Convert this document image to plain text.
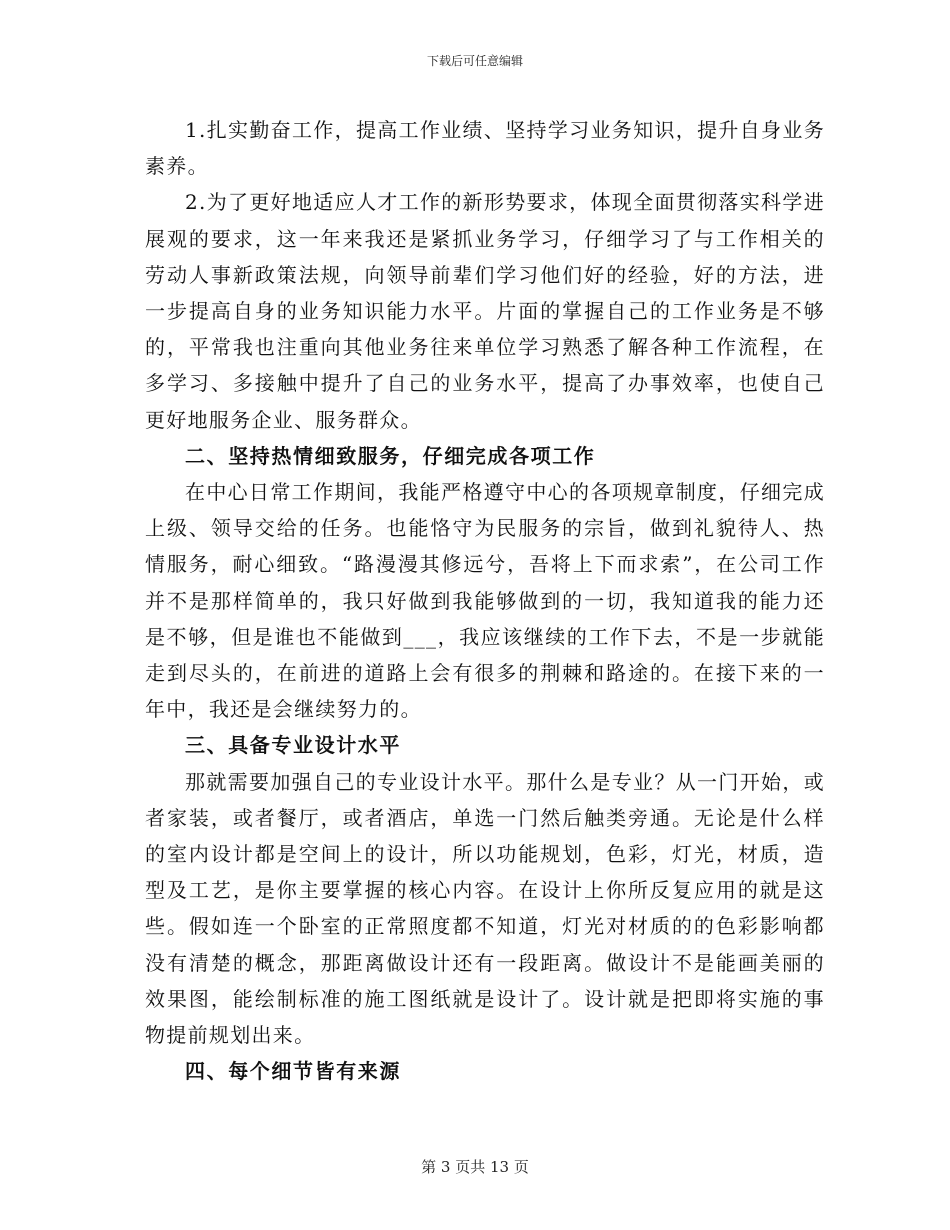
下载后可任意编辑

1.扎实勤奋工作，提高工作业绩、坚持学习业务知识，提升自身业务素养。

2.为了更好地适应人才工作的新形势要求，体现全面贯彻落实科学进展观的要求，这一年来我还是紧抓业务学习，仔细学习了与工作相关的劳动人事新政策法规，向领导前辈们学习他们好的经验，好的方法，进一步提高自身的业务知识能力水平。片面的掌握自己的工作业务是不够的，平常我也注重向其他业务往来单位学习熟悉了解各种工作流程，在多学习、多接触中提升了自己的业务水平，提高了办事效率，也使自己更好地服务企业、服务群众。

二、坚持热情细致服务，仔细完成各项工作

在中心日常工作期间，我能严格遵守中心的各项规章制度，仔细完成上级、领导交给的任务。也能恪守为民服务的宗旨，做到礼貌待人、热情服务，耐心细致。“路漫漫其修远兮，吾将上下而求索”，在公司工作并不是那样简单的，我只好做到我能够做到的一切，我知道我的能力还是不够，但是谁也不能做到___，我应该继续的工作下去，不是一步就能走到尽头的，在前进的道路上会有很多的荆棘和路途的。在接下来的一年中，我还是会继续努力的。

三、具备专业设计水平

那就需要加强自己的专业设计水平。那什么是专业？从一门开始，或者家装，或者餐厅，或者酒店，单选一门然后触类旁通。无论是什么样的室内设计都是空间上的设计，所以功能规划，色彩，灯光，材质，造型及工艺，是你主要掌握的核心内容。在设计上你所反复应用的就是这些。假如连一个卧室的正常照度都不知道，灯光对材质的的色彩影响都没有清楚的概念，那距离做设计还有一段距离。做设计不是能画美丽的效果图，能绘制标准的施工图纸就是设计了。设计就是把即将实施的事物提前规划出来。

四、每个细节皆有来源
第 3 页共 13 页
